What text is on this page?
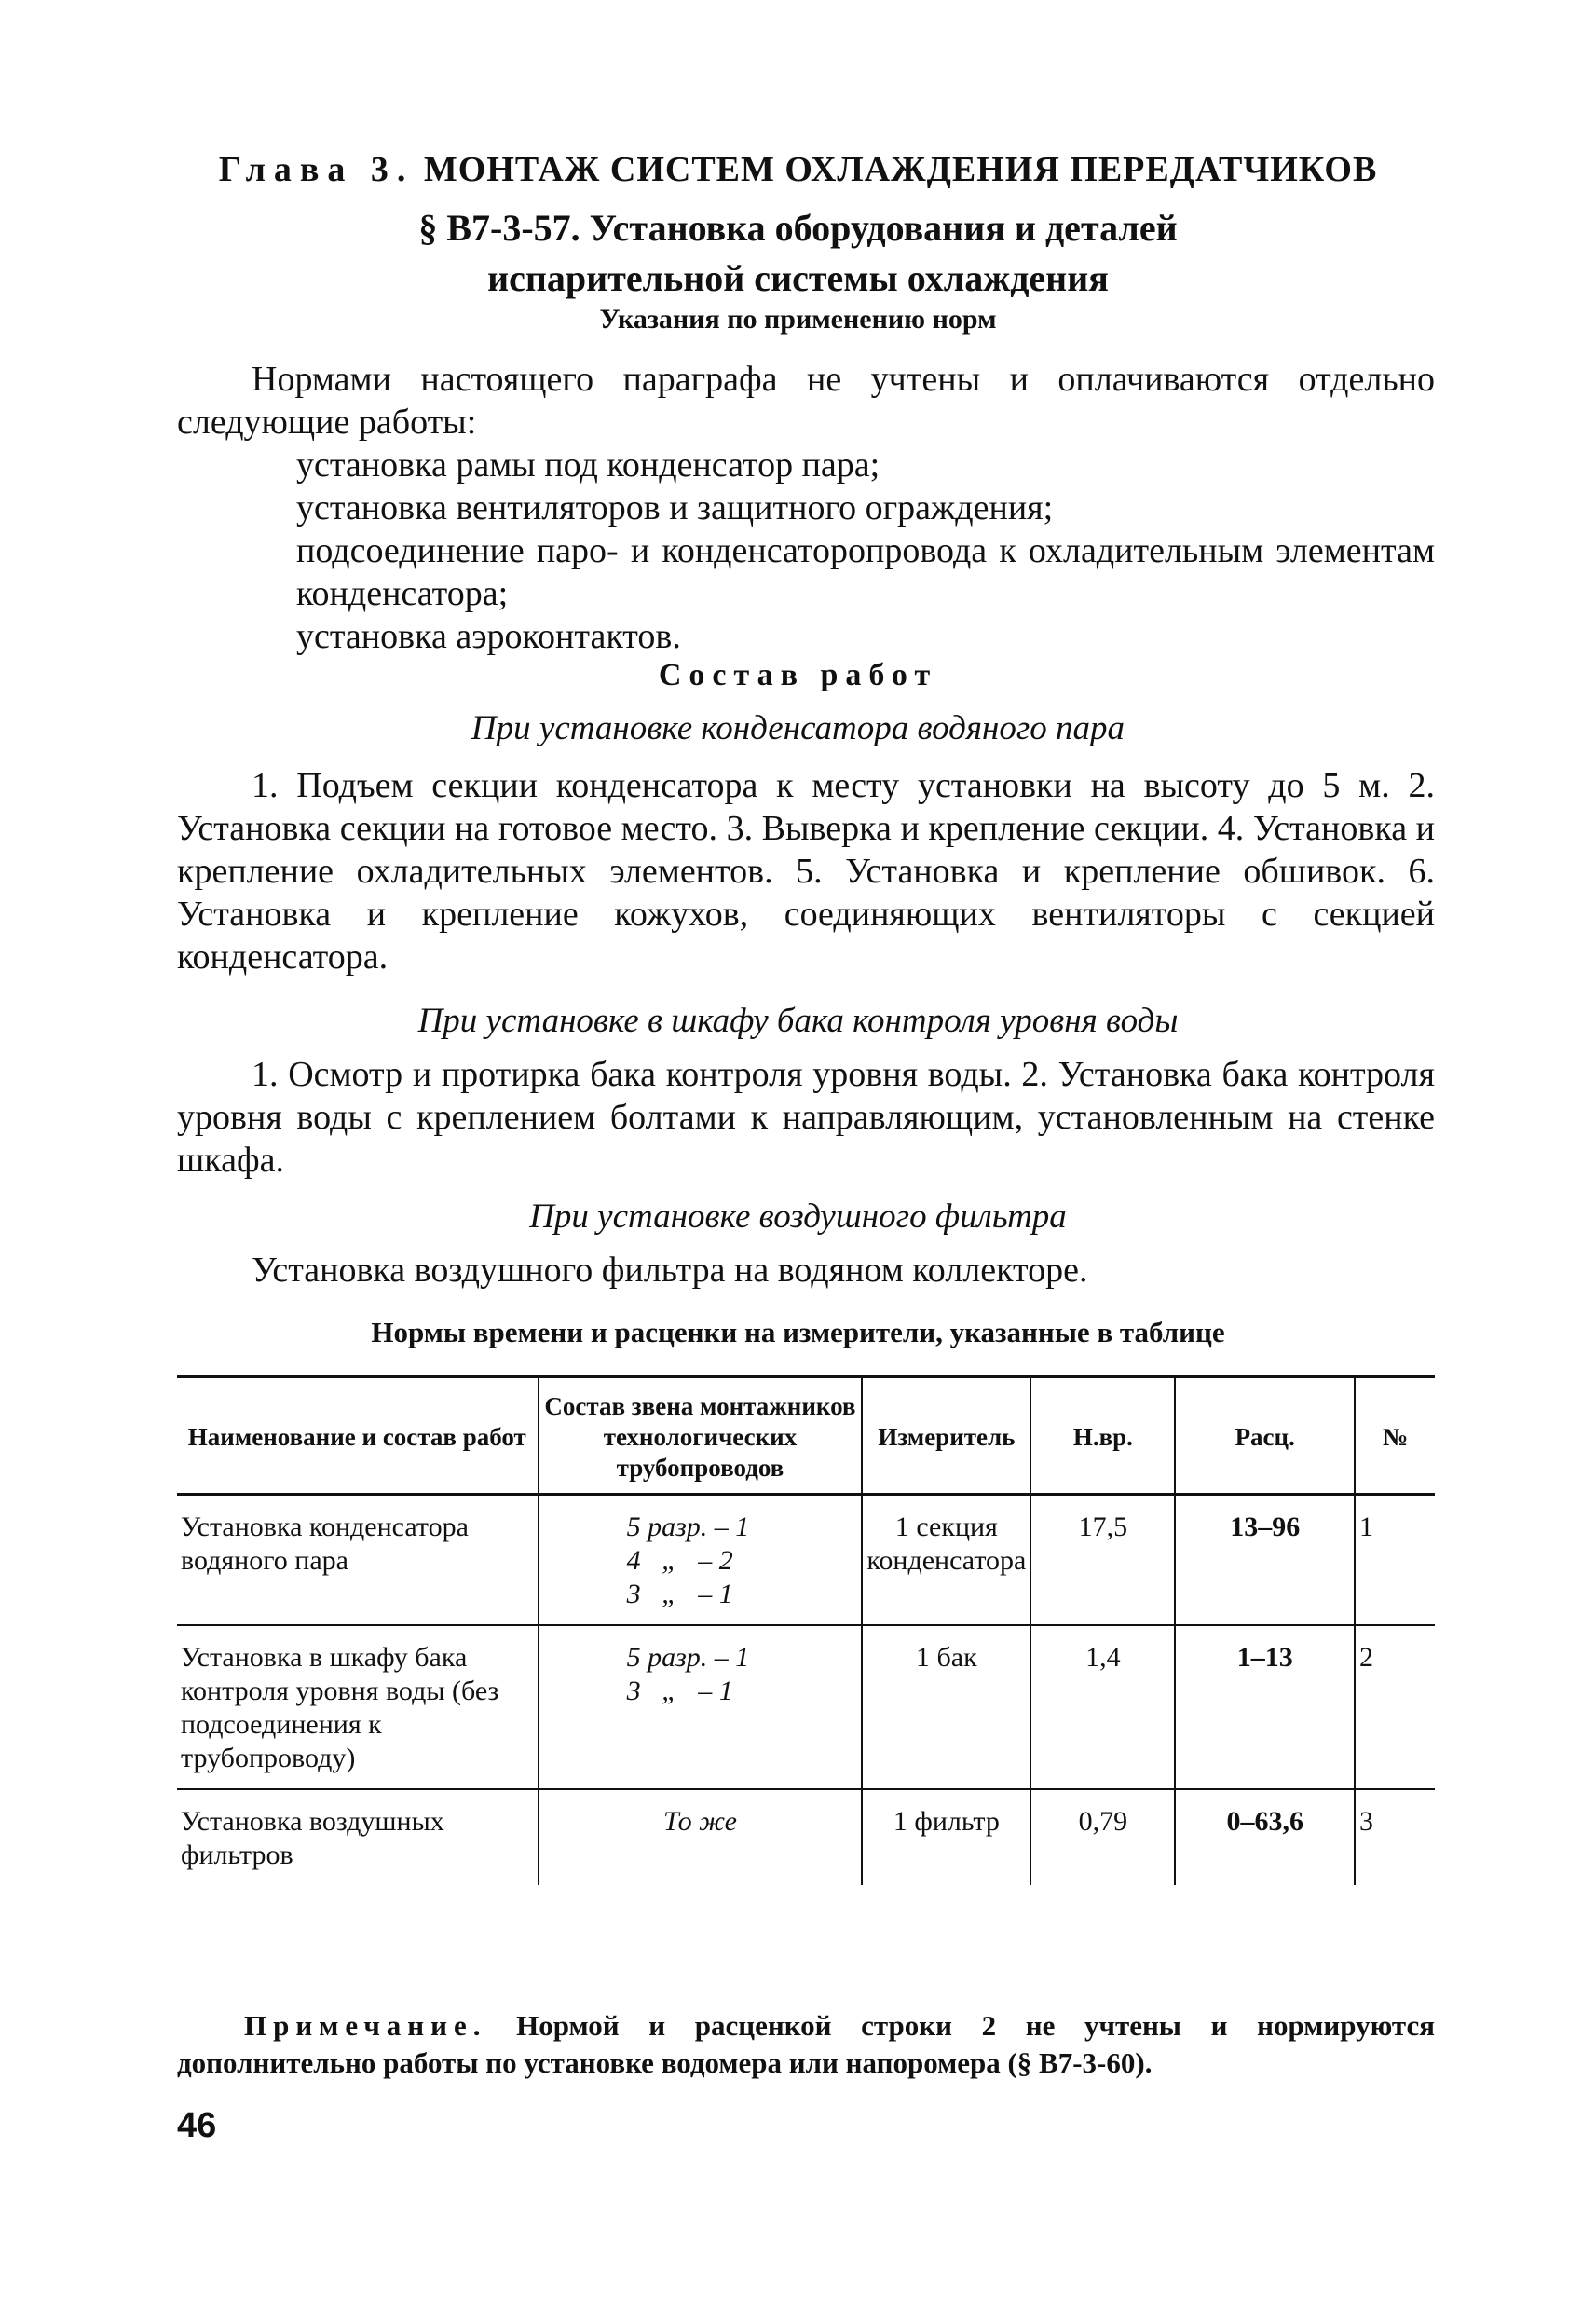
Глава 3. МОНТАЖ СИСТЕМ ОХЛАЖДЕНИЯ ПЕРЕДАТЧИКОВ
§ В7-3-57. Установка оборудования и деталей
испарительной системы охлаждения
Указания по применению норм

Нормами настоящего параграфа не учтены и оплачиваются отдельно следующие работы:

установка рамы под конденсатор пара;
установка вентиляторов и защитного ограждения;
подсоединение паро- и конденсаторопровода к охладительным элементам конденсатора;
установка аэроконтактов.
Состав работ
При установке конденсатора водяного пара

1. Подъем секции конденсатора к месту установки на высоту до 5 м. 2. Установка секции на готовое место. 3. Выверка и крепление секции. 4. Установка и крепление охладительных элементов. 5. Установка и крепление обшивок. 6. Установка и крепление кожухов, соединяющих вентиляторы с секцией конденсатора.

При установке в шкафу бака контроля уровня воды

1. Осмотр и протирка бака контроля уровня воды. 2. Установка бака контроля уровня воды с креплением болтами к направляющим, установленным на стенке шкафа.

При установке воздушного фильтра

Установка воздушного фильтра на водяном коллекторе.

Нормы времени и расценки на измерители, указанные в таблице
Наименование и состав работ	Состав звена монтажников технологических трубопроводов	Измеритель	Н.вр.	Расц.	№
Установка конденсатора водяного пара	5 разр. – 1
4   „   – 2
3   „   – 1	1 секция конденсатора	17,5	13–96	1
Установка в шкафу бака контроля уровня воды (без подсоединения к трубопроводу)	5 разр. – 1
3   „   – 1	1 бак	1,4	1–13	2
Установка воздушных фильтров	То же	1 фильтр	0,79	0–63,6	3

Примечание. Нормой и расценкой строки 2 не учтены и нормируются дополнительно работы по установке водомера или напоромера (§ В7-3-60).

46
